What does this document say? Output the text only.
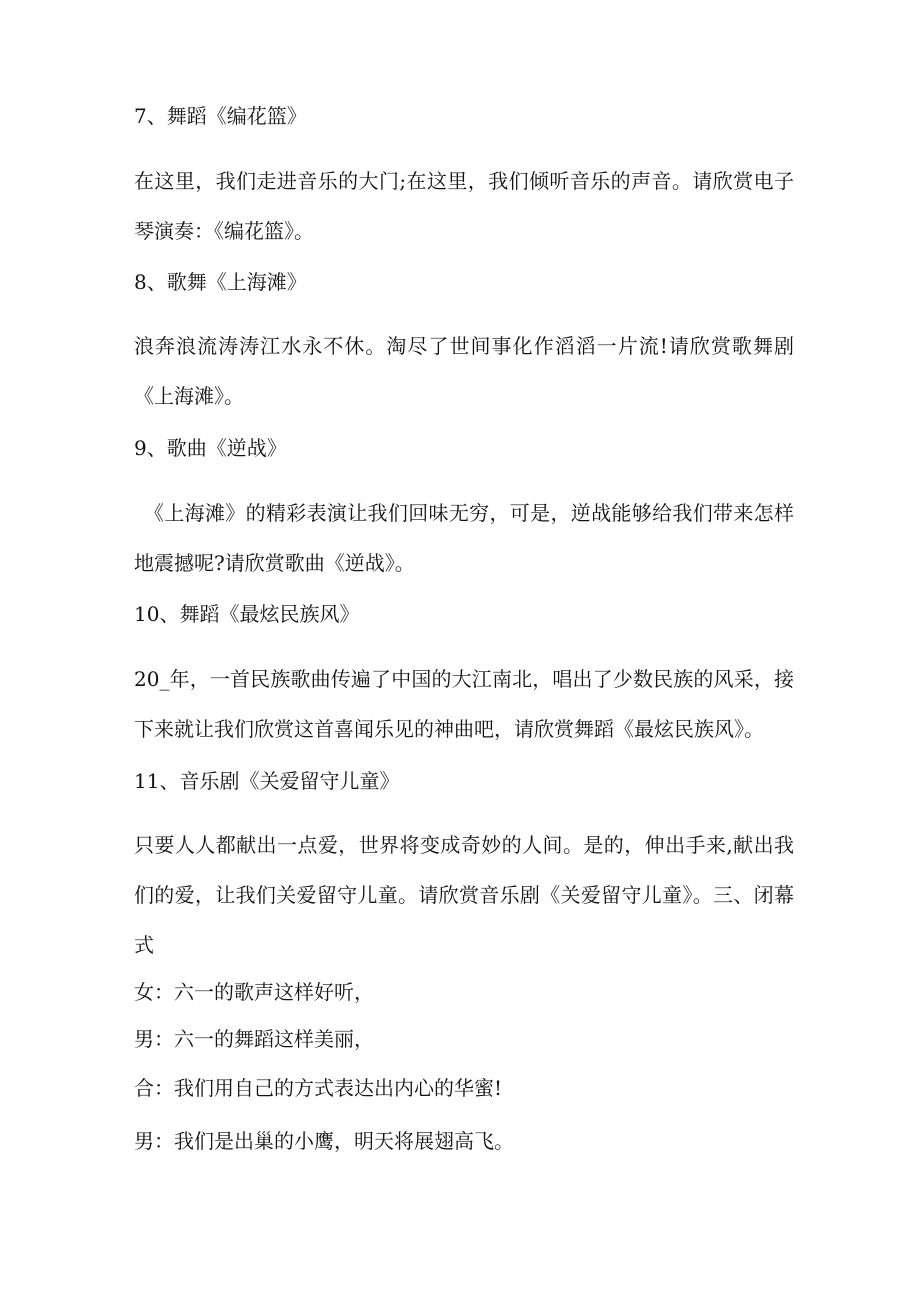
7、舞蹈《编花篮》
在这里，我们走进音乐的大门;在这里，我们倾听音乐的声音。请欣赏电子琴演奏：《编花篮》。
8、歌舞《上海滩》
浪奔浪流涛涛江水永不休。淘尽了世间事化作滔滔一片流!请欣赏歌舞剧《上海滩》。
9、歌曲《逆战》
《上海滩》的精彩表演让我们回味无穷，可是，逆战能够给我们带来怎样地震撼呢?请欣赏歌曲《逆战》。
10、舞蹈《最炫民族风》
20_年，一首民族歌曲传遍了中国的大江南北，唱出了少数民族的风采，接下来就让我们欣赏这首喜闻乐见的神曲吧，请欣赏舞蹈《最炫民族风》。
11、音乐剧《关爱留守儿童》
只要人人都献出一点爱，世界将变成奇妙的人间。是的，伸出手来,献出我们的爱，让我们关爱留守儿童。请欣赏音乐剧《关爱留守儿童》。三、闭幕式
女：六一的歌声这样好听，
男：六一的舞蹈这样美丽，
合：我们用自己的方式表达出内心的华蜜!
男：我们是出巢的小鹰，明天将展翅高飞。
